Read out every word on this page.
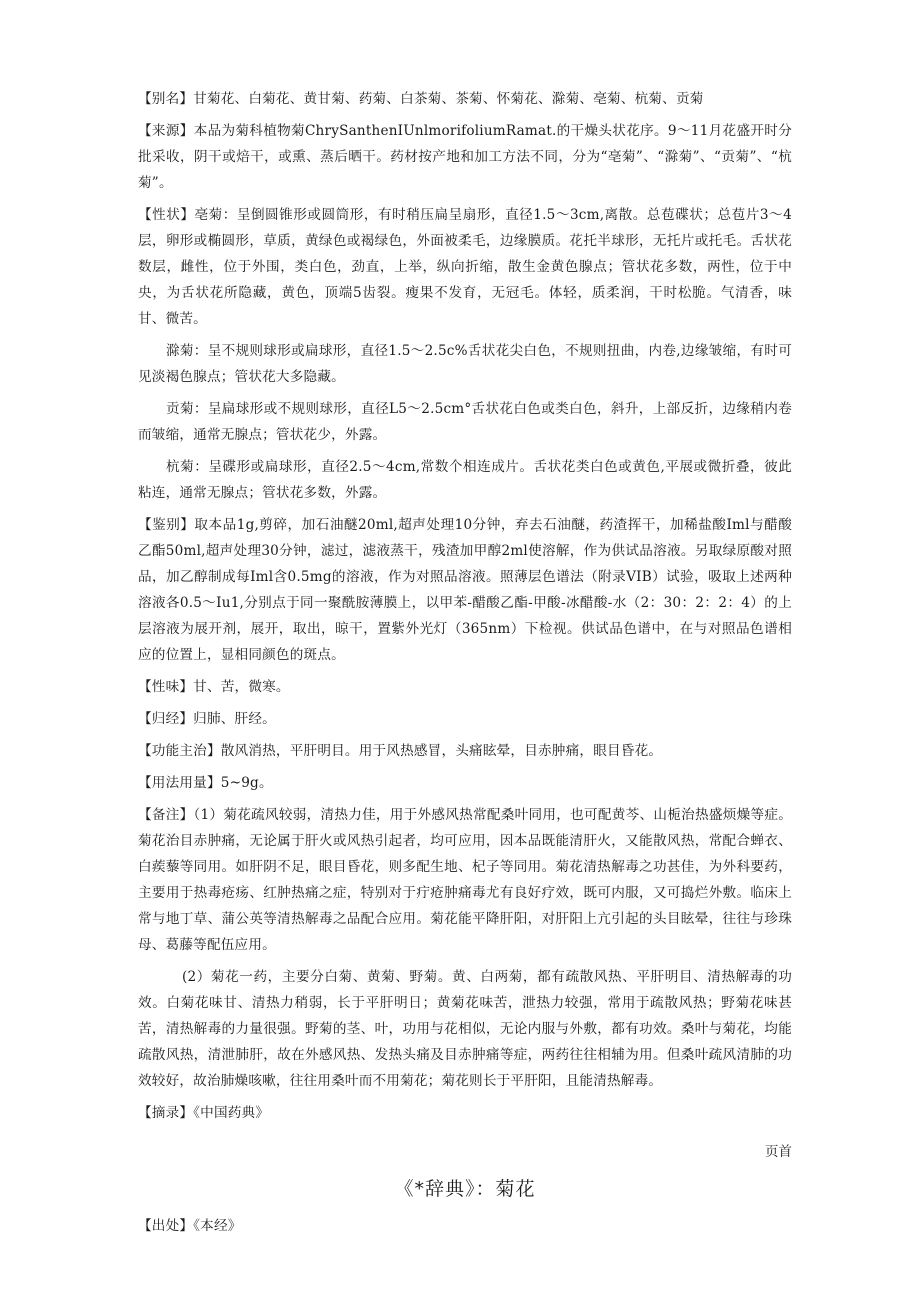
【别名】甘菊花、白菊花、黄甘菊、药菊、白茶菊、茶菊、怀菊花、滁菊、亳菊、杭菊、贡菊

【来源】本品为菊科植物菊ChrySanthenIUnlmorifoliumRamat.的干燥头状花序。9～11月花盛开时分批采收，阴干或焙干，或熏、蒸后晒干。药材按产地和加工方法不同，分为“亳菊”、“滁菊”、“贡菊”、“杭菊”。

【性状】亳菊：呈倒圆锥形或圆筒形，有时稍压扁呈扇形，直径1.5～3cm,离散。总苞碟状；总苞片3～4层，卵形或椭圆形，草质，黄绿色或褐绿色，外面被柔毛，边缘膜质。花托半球形，无托片或托毛。舌状花数层，雌性，位于外围，类白色，劲直，上举，纵向折缩，散生金黄色腺点；管状花多数，两性，位于中央，为舌状花所隐藏，黄色，顶端5齿裂。瘦果不发育，无冠毛。体轻，质柔润，干时松脆。气清香，味甘、微苦。

滁菊：呈不规则球形或扁球形，直径1.5～2.5c%舌状花尖白色，不规则扭曲，内卷,边缘皱缩，有时可见淡褐色腺点；管状花大多隐藏。

贡菊：呈扁球形或不规则球形，直径L5～2.5cm°舌状花白色或类白色，斜升，上部反折，边缘稍内卷而皱缩，通常无腺点；管状花少，外露。

杭菊：呈碟形或扁球形，直径2.5～4cm,常数个相连成片。舌状花类白色或黄色,平展或微折叠，彼此粘连，通常无腺点；管状花多数，外露。

【鉴别】取本品1g,剪碎，加石油醚20ml,超声处理10分钟，弃去石油醚，药渣挥干，加稀盐酸Iml与醋酸乙酯50ml,超声处理30分钟，滤过，滤液蒸干，残渣加甲醇2ml使溶解，作为供试品溶液。另取绿原酸对照品，加乙醇制成每Iml含0.5mg的溶液，作为对照品溶液。照薄层色谱法（附录VIB）试验，吸取上述两种溶液各0.5～Iu1,分别点于同一聚酰胺薄膜上，以甲苯-醋酸乙酯-甲酸-冰醋酸-水（2：30：2：2：4）的上层溶液为展开剂，展开，取出，晾干，置紫外光灯（365nm）下检视。供试品色谱中，在与对照品色谱相应的位置上，显相同颜色的斑点。

【性味】甘、苦，微寒。

【归经】归肺、肝经。

【功能主治】散风消热，平肝明目。用于风热感冒，头痛眩晕，目赤肿痛，眼目昏花。

【用法用量】5~9g。

【备注】（1）菊花疏风较弱，清热力佳，用于外感风热常配桑叶同用，也可配黄芩、山栀治热盛烦燥等症。菊花治目赤肿痛，无论属于肝火或风热引起者，均可应用，因本品既能清肝火，又能散风热，常配合蝉衣、白蒺藜等同用。如肝阴不足，眼目昏花，则多配生地、杞子等同用。菊花清热解毒之功甚佳，为外科要药，主要用于热毒疮疡、红肿热痛之症，特别对于疔疮肿痛毒尤有良好疗效，既可内服，又可捣烂外敷。临床上常与地丁草、蒲公英等清热解毒之品配合应用。菊花能平降肝阳，对肝阳上亢引起的头目眩晕，往往与珍珠母、葛藤等配伍应用。

(2）菊花一药，主要分白菊、黄菊、野菊。黄、白两菊，都有疏散风热、平肝明目、清热解毒的功效。白菊花味甘、清热力稍弱，长于平肝明日；黄菊花味苦，泄热力较强，常用于疏散风热；野菊花味甚苦，清热解毒的力量很强。野菊的茎、叶，功用与花相似，无论内服与外敷，都有功效。桑叶与菊花，均能疏散风热，清泄肺肝，故在外感风热、发热头痛及目赤肿痛等症，两药往往相辅为用。但桑叶疏风清肺的功效较好，故治肺燥咳嗽，往往用桑叶而不用菊花；菊花则长于平肝阳，且能清热解毒。

【摘录】《中国药典》

页首
《*辞典》：菊花

【出处】《本经》
